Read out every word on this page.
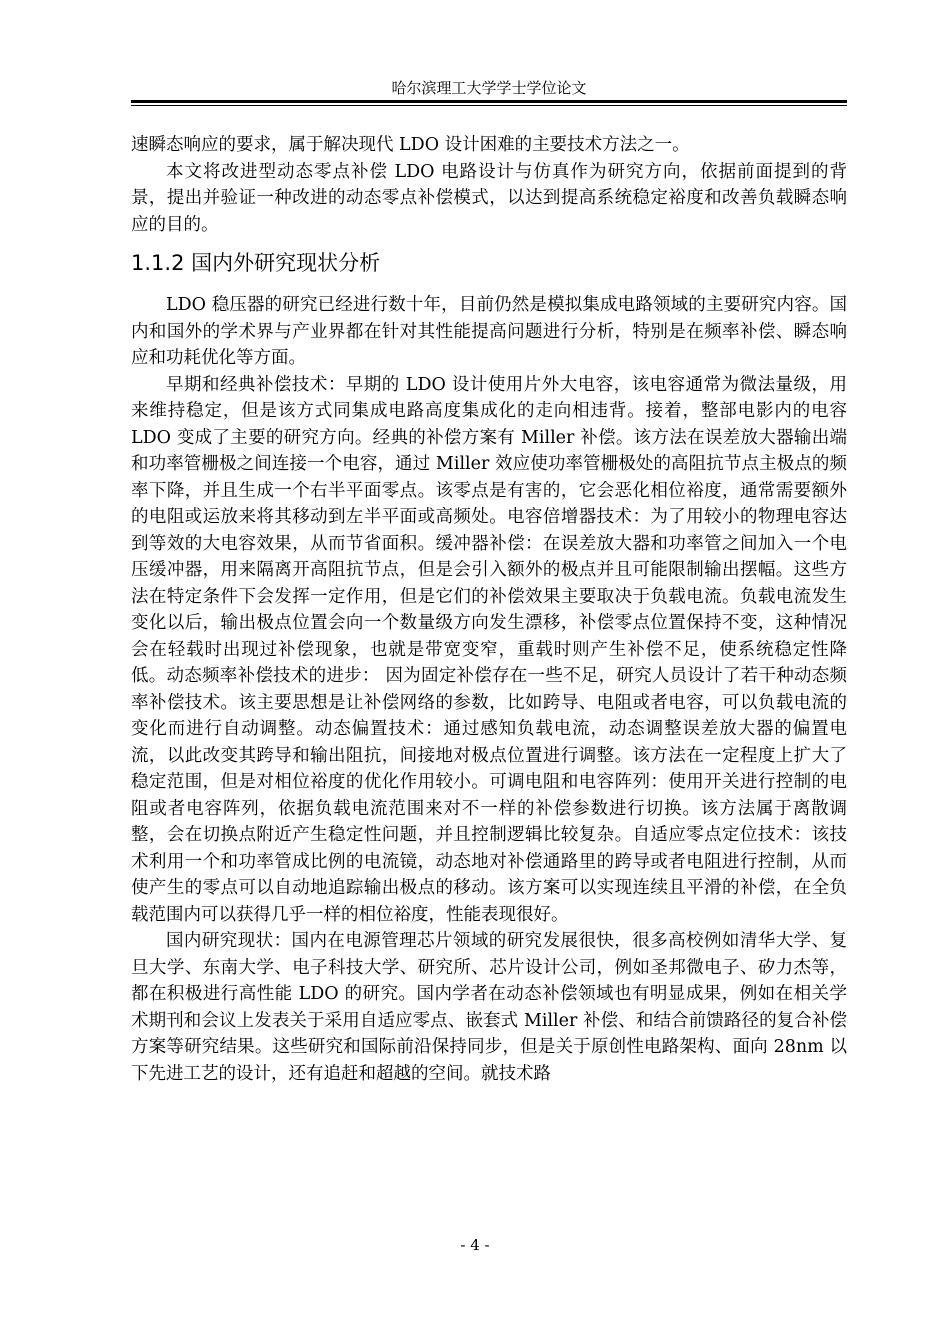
哈尔滨理工大学学士学位论文

速瞬态响应的要求，属于解决现代 LDO 设计困难的主要技术方法之一。

本文将改进型动态零点补偿 LDO 电路设计与仿真作为研究方向，依据前面提到的背景，提出并验证一种改进的动态零点补偿模式，以达到提高系统稳定裕度和改善负载瞬态响应的目的。

1.1.2 国内外研究现状分析

LDO 稳压器的研究已经进行数十年，目前仍然是模拟集成电路领域的主要研究内容。国内和国外的学术界与产业界都在针对其性能提高问题进行分析，特别是在频率补偿、瞬态响应和功耗优化等方面。

早期和经典补偿技术：早期的 LDO 设计使用片外大电容，该电容通常为微法量级，用来维持稳定，但是该方式同集成电路高度集成化的走向相违背。接着，整部电影内的电容 LDO 变成了主要的研究方向。经典的补偿方案有 Miller 补偿。该方法在误差放大器输出端和功率管栅极之间连接一个电容，通过 Miller 效应使功率管栅极处的高阻抗节点主极点的频率下降，并且生成一个右半平面零点。该零点是有害的，它会恶化相位裕度，通常需要额外的电阻或运放来将其移动到左半平面或高频处。电容倍增器技术：为了用较小的物理电容达到等效的大电容效果，从而节省面积。缓冲器补偿：在误差放大器和功率管之间加入一个电压缓冲器，用来隔离开高阻抗节点，但是会引入额外的极点并且可能限制输出摆幅。这些方法在特定条件下会发挥一定作用，但是它们的补偿效果主要取决于负载电流。负载电流发生变化以后，输出极点位置会向一个数量级方向发生漂移，补偿零点位置保持不变，这种情况会在轻载时出现过补偿现象，也就是带宽变窄，重载时则产生补偿不足，使系统稳定性降低。动态频率补偿技术的进步： 因为固定补偿存在一些不足，研究人员设计了若干种动态频率补偿技术。该主要思想是让补偿网络的参数，比如跨导、电阻或者电容，可以负载电流的变化而进行自动调整。动态偏置技术：通过感知负载电流，动态调整误差放大器的偏置电流，以此改变其跨导和输出阻抗，间接地对极点位置进行调整。该方法在一定程度上扩大了稳定范围，但是对相位裕度的优化作用较小。可调电阻和电容阵列：使用开关进行控制的电阻或者电容阵列，依据负载电流范围来对不一样的补偿参数进行切换。该方法属于离散调整，会在切换点附近产生稳定性问题，并且控制逻辑比较复杂。自适应零点定位技术：该技术利用一个和功率管成比例的电流镜，动态地对补偿通路里的跨导或者电阻进行控制，从而使产生的零点可以自动地追踪输出极点的移动。该方案可以实现连续且平滑的补偿，在全负载范围内可以获得几乎一样的相位裕度，性能表现很好。

国内研究现状：国内在电源管理芯片领域的研究发展很快，很多高校例如清华大学、复旦大学、东南大学、电子科技大学、研究所、芯片设计公司，例如圣邦微电子、矽力杰等，都在积极进行高性能 LDO 的研究。国内学者在动态补偿领域也有明显成果，例如在相关学术期刊和会议上发表关于采用自适应零点、嵌套式 Miller 补偿、和结合前馈路径的复合补偿方案等研究结果。这些研究和国际前沿保持同步，但是关于原创性电路架构、面向 28nm 以下先进工艺的设计，还有追赶和超越的空间。就技术路

- 4 -
